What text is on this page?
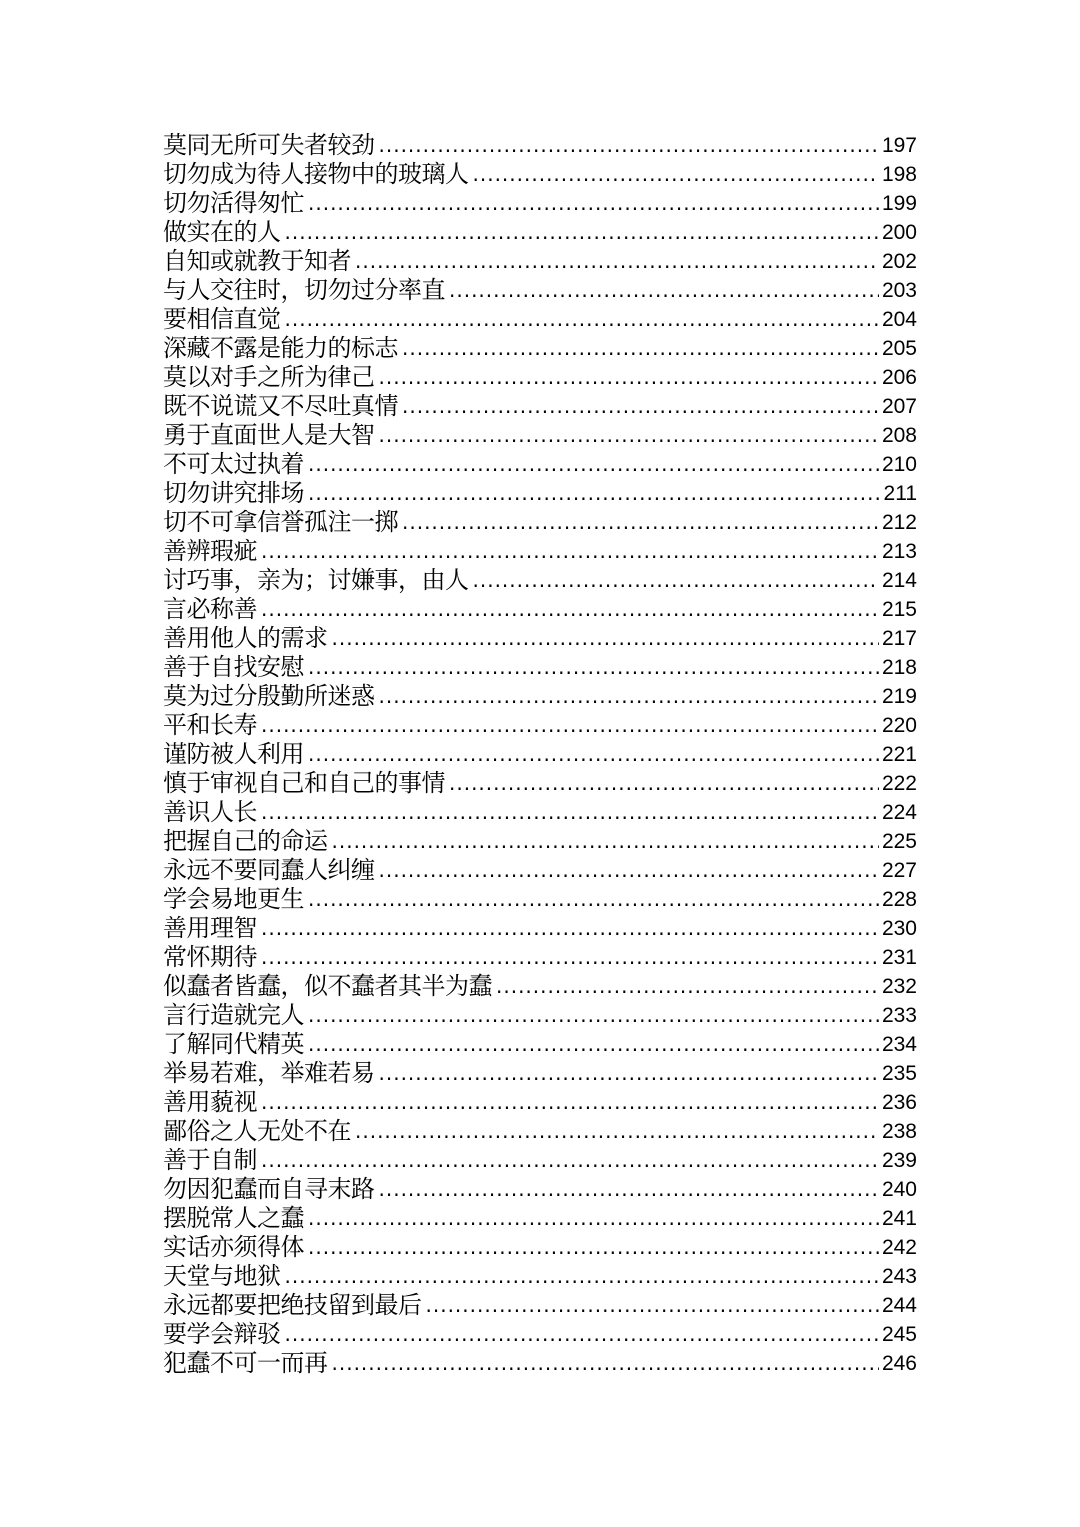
莫同无所可失者较劲 .....	197
切勿成为待人接物中的玻璃人 .....	198
切勿活得匆忙 .....	199
做实在的人 .....	200
自知或就教于知者 .....	202
与人交往时，切勿过分率直 .....	203
要相信直觉 .....	204
深藏不露是能力的标志 .....	205
莫以对手之所为律己 .....	206
既不说谎又不尽吐真情 .....	207
勇于直面世人是大智 .....	208
不可太过执着 .....	210
切勿讲究排场 .....	211
切不可拿信誉孤注一掷 .....	212
善辨瑕疵 .....	213
讨巧事，亲为；讨嫌事，由人 .....	214
言必称善 .....	215
善用他人的需求 .....	217
善于自找安慰 .....	218
莫为过分殷勤所迷惑 .....	219
平和长寿 .....	220
谨防被人利用 .....	221
慎于审视自己和自己的事情 .....	222
善识人长 .....	224
把握自己的命运 .....	225
永远不要同蠢人纠缠 .....	227
学会易地更生 .....	228
善用理智 .....	230
常怀期待 .....	231
似蠢者皆蠢，似不蠢者其半为蠢 .....	232
言行造就完人 .....	233
了解同代精英 .....	234
举易若难，举难若易 .....	235
善用藐视 .....	236
鄙俗之人无处不在 .....	238
善于自制 .....	239
勿因犯蠢而自寻末路 .....	240
摆脱常人之蠢 .....	241
实话亦须得体 .....	242
天堂与地狱 .....	243
永远都要把绝技留到最后 .....	244
要学会辩驳 .....	245
犯蠢不可一而再 .....	246
